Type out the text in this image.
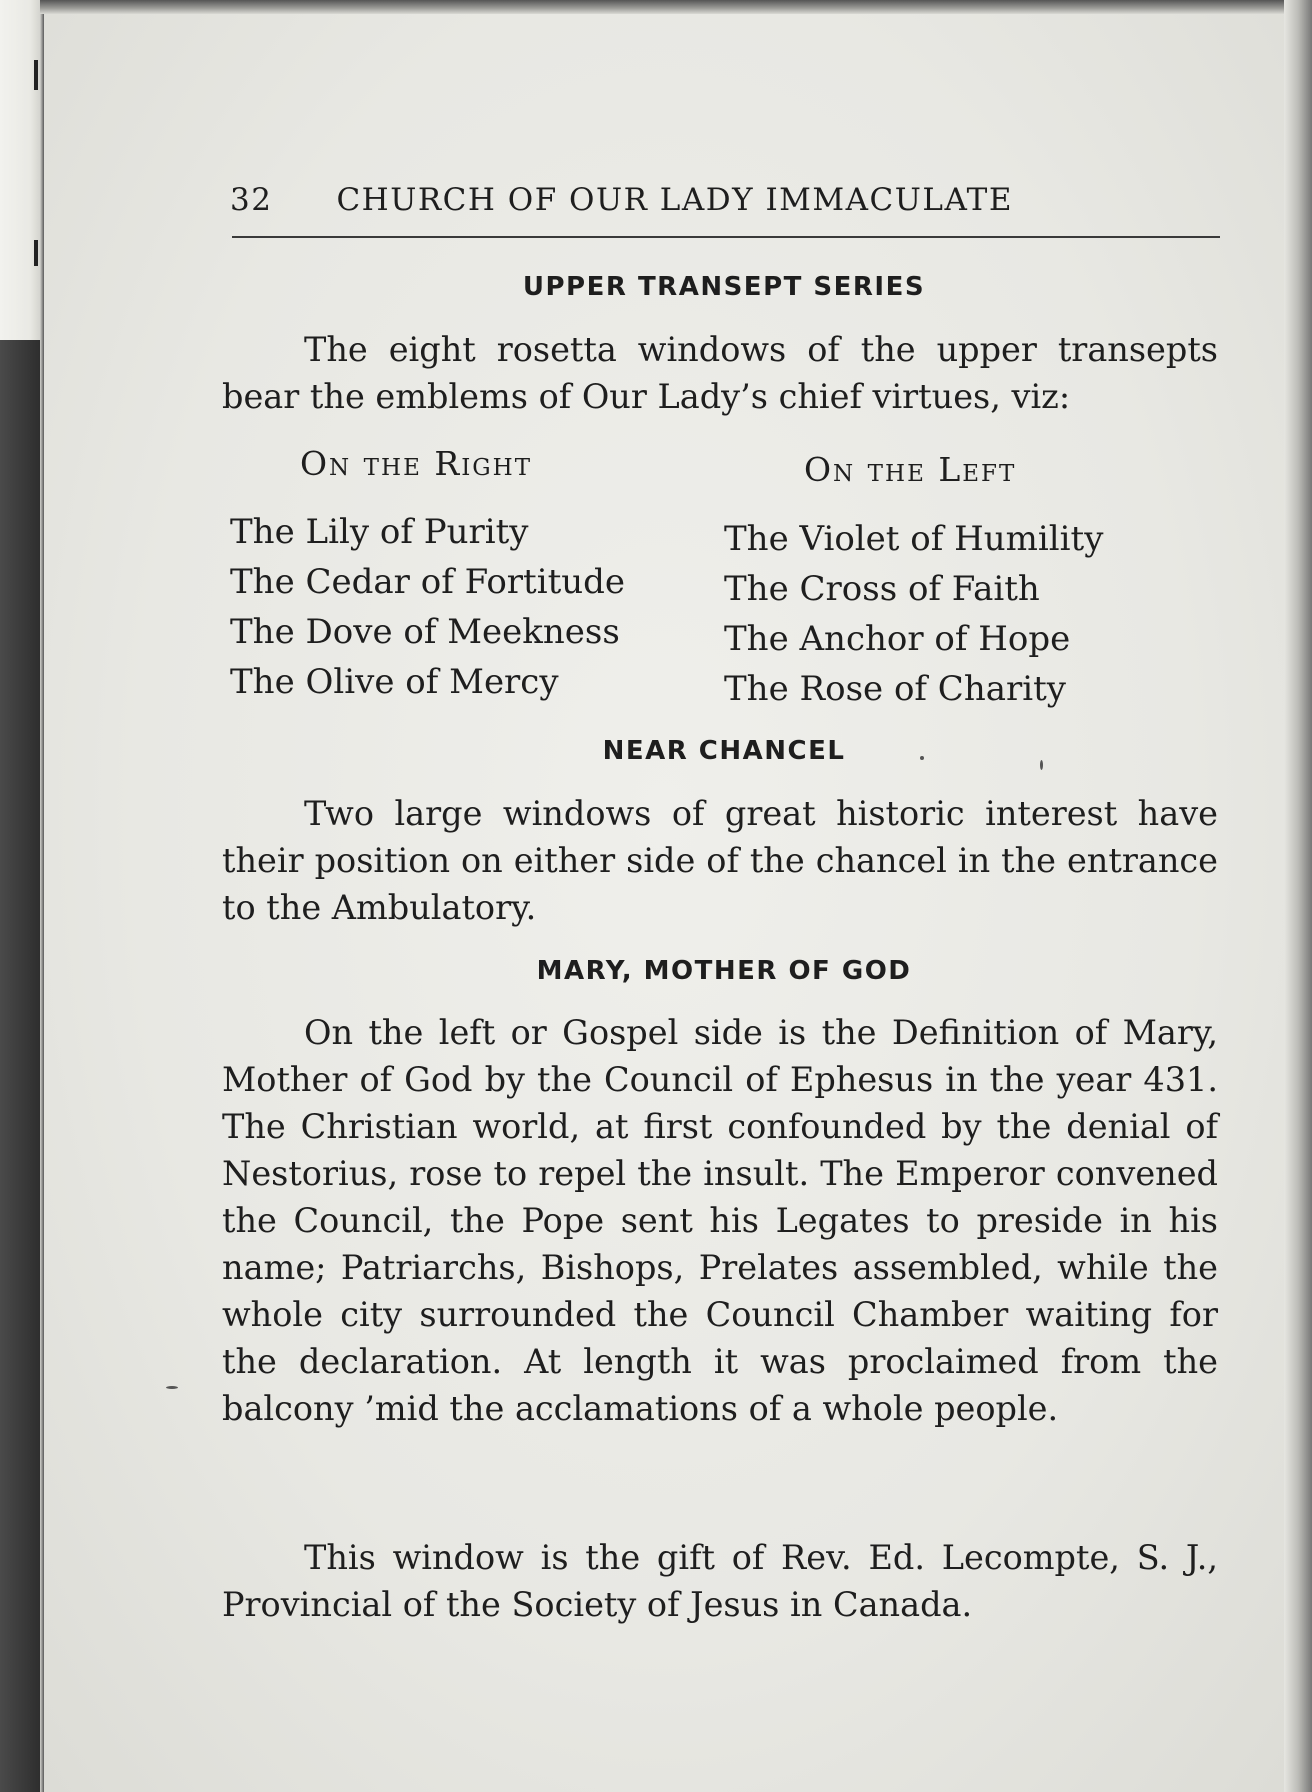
32 CHURCH OF OUR LADY IMMACULATE
UPPER TRANSEPT SERIES

The eight rosetta windows of the upper transepts bear the emblems of Our Lady’s chief virtues, viz:

On the Right	On the Left
The Lily of Purity
The Cedar of Fortitude
The Dove of Meekness
The Olive of Mercy
The Violet of Humility
The Cross of Faith
The Anchor of Hope
The Rose of Charity
NEAR CHANCEL

Two large windows of great historic interest have their position on either side of the chancel in the entrance to the Ambulatory.

MARY, MOTHER OF GOD

On the left or Gospel side is the Definition of Mary, Mother of God by the Council of Ephesus in the year 431. The Christian world, at first confounded by the denial of Nestorius, rose to repel the insult. The Emperor convened the Council, the Pope sent his Legates to preside in his name; Patriarchs, Bishops, Prelates assembled, while the whole city surrounded the Council Chamber waiting for the declaration. At length it was proclaimed from the balcony ’mid the acclamations of a whole people.

This window is the gift of Rev. Ed. Lecompte, S. J., Provincial of the Society of Jesus in Canada.
